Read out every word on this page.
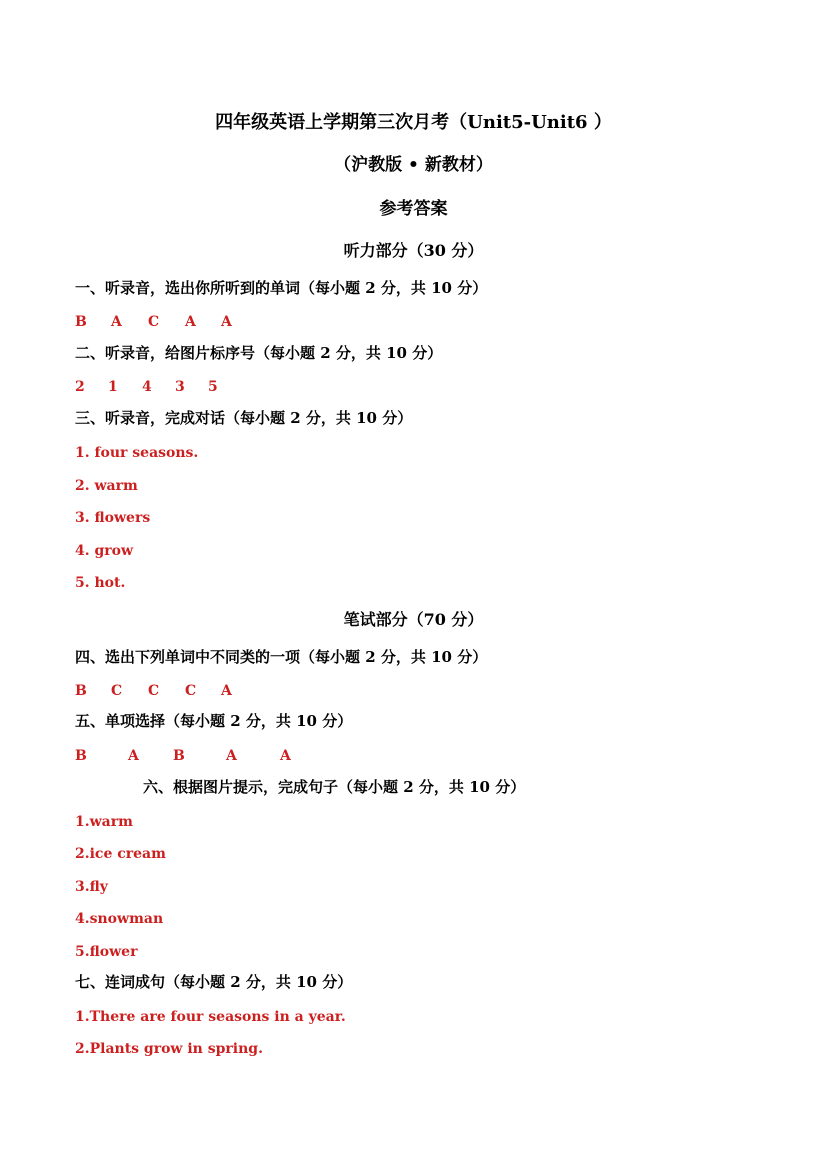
四年级英语上学期第三次月考（Unit5-Unit6 ）
（沪教版 • 新教材）
参考答案
听力部分（30 分）
一、听录音，选出你所听到的单词（每小题 2 分，共 10 分）
B A C A A
二、听录音，给图片标序号（每小题 2 分，共 10 分）
2 1 4 3 5
三、听录音，完成对话（每小题 2 分，共 10 分）
1. four seasons.
2. warm
3. flowers
4. grow
5. hot.
笔试部分（70 分）
四、选出下列单词中不同类的一项（每小题 2 分，共 10 分）
B C C C A
五、单项选择（每小题 2 分，共 10 分）
B	A B	A	A
六、根据图片提示，完成句子（每小题 2 分，共 10 分）
1.warm
2.ice cream
3.fly
4.snowman
5.flower
七、连词成句（每小题 2 分，共 10 分）
1.There are four seasons in a year.
2.Plants grow in spring.
